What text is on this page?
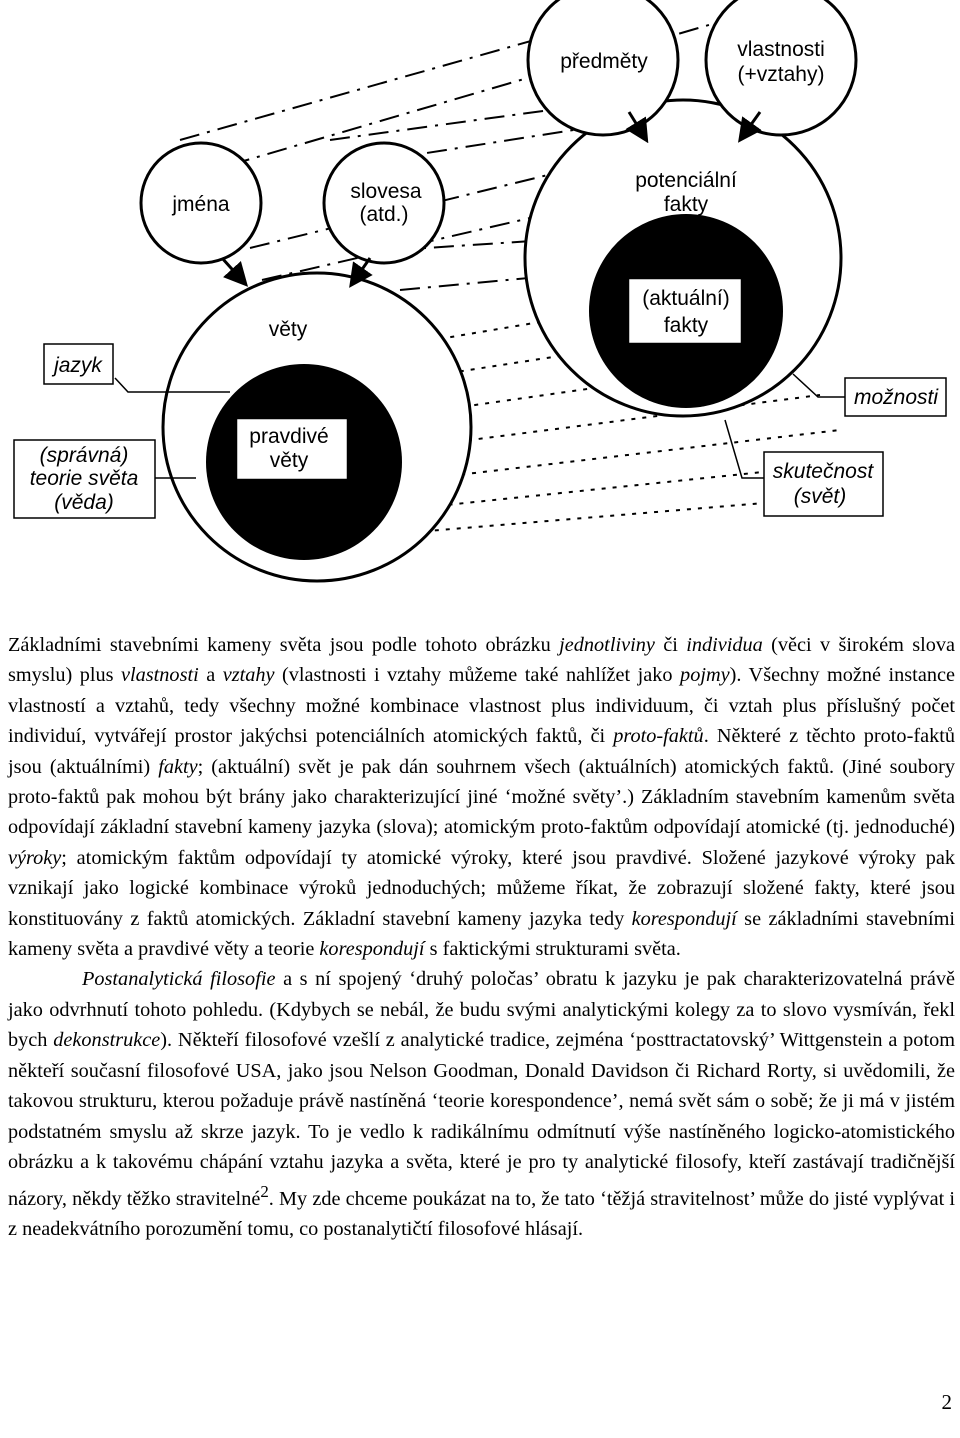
předměty
vlastnosti
(+vztahy)
jména
slovesa
(atd.)
potenciální
fakty
věty
(aktuální)
fakty
jazyk
možnosti
(správná)
teorie světa
(věda)
pravdivé
věty	skutečnost
(svět)

Základními stavebními kameny světa jsou podle tohoto obrázku jednotliviny či individua (věci v širokém slova smyslu) plus vlastnosti a vztahy (vlastnosti i vztahy můžeme také nahlížet jako pojmy). Všechny možné instance vlastností a vztahů, tedy všechny možné kombinace vlastnost plus individuum, či vztah plus příslušný počet individuí, vytvářejí prostor jakýchsi potenciálních atomických faktů, či proto-faktů. Některé z těchto proto-faktů jsou (aktuálními) fakty; (aktuální) svět je pak dán souhrnem všech (aktuálních) atomických faktů. (Jiné soubory proto-faktů pak mohou být brány jako charakterizující jiné ‘možné světy’.) Základním stavebním kamenům světa odpovídají základní stavební kameny jazyka (slova); atomickým proto-faktům odpovídají atomické (tj. jednoduché) výroky; atomickým faktům odpovídají ty atomické výroky, které jsou pravdivé. Složené jazykové výroky pak vznikají jako logické kombinace výroků jednoduchých; můžeme říkat, že zobrazují složené fakty, které jsou konstituovány z faktů atomických. Základní stavební kameny jazyka tedy korespondují se základními stavebními kameny světa a pravdivé věty a teorie korespondují s faktickými strukturami světa.

Postanalytická filosofie a s ní spojený ‘druhý poločas’ obratu k jazyku je pak charakterizovatelná právě jako odvrhnutí tohoto pohledu. (Kdybych se nebál, že budu svými analytickými kolegy za to slovo vysmíván, řekl bych dekonstrukce). Někteří filosofové vzešlí z analytické tradice, zejména ‘posttractatovský’ Wittgenstein a potom někteří současní filosofové USA, jako jsou Nelson Goodman, Donald Davidson či Richard Rorty, si uvědomili, že takovou strukturu, kterou požaduje právě nastíněná ‘teorie korespondence’, nemá svět sám o sobě; že ji má v jistém podstatném smyslu až skrze jazyk. To je vedlo k radikálnímu odmítnutí výše nastíněného logicko-atomistického obrázku a k takovému chápání vztahu jazyka a světa, které je pro ty analytické filosofy, kteří zastávají tradičnější názory, někdy těžko stravitelné$^2$. My zde chceme poukázat na to, že tato ‘těžjá stravitelnost’ může do jisté vyplývat i z neadekvátního porozumění tomu, co postanalytičtí filosofové hlásají.

2
